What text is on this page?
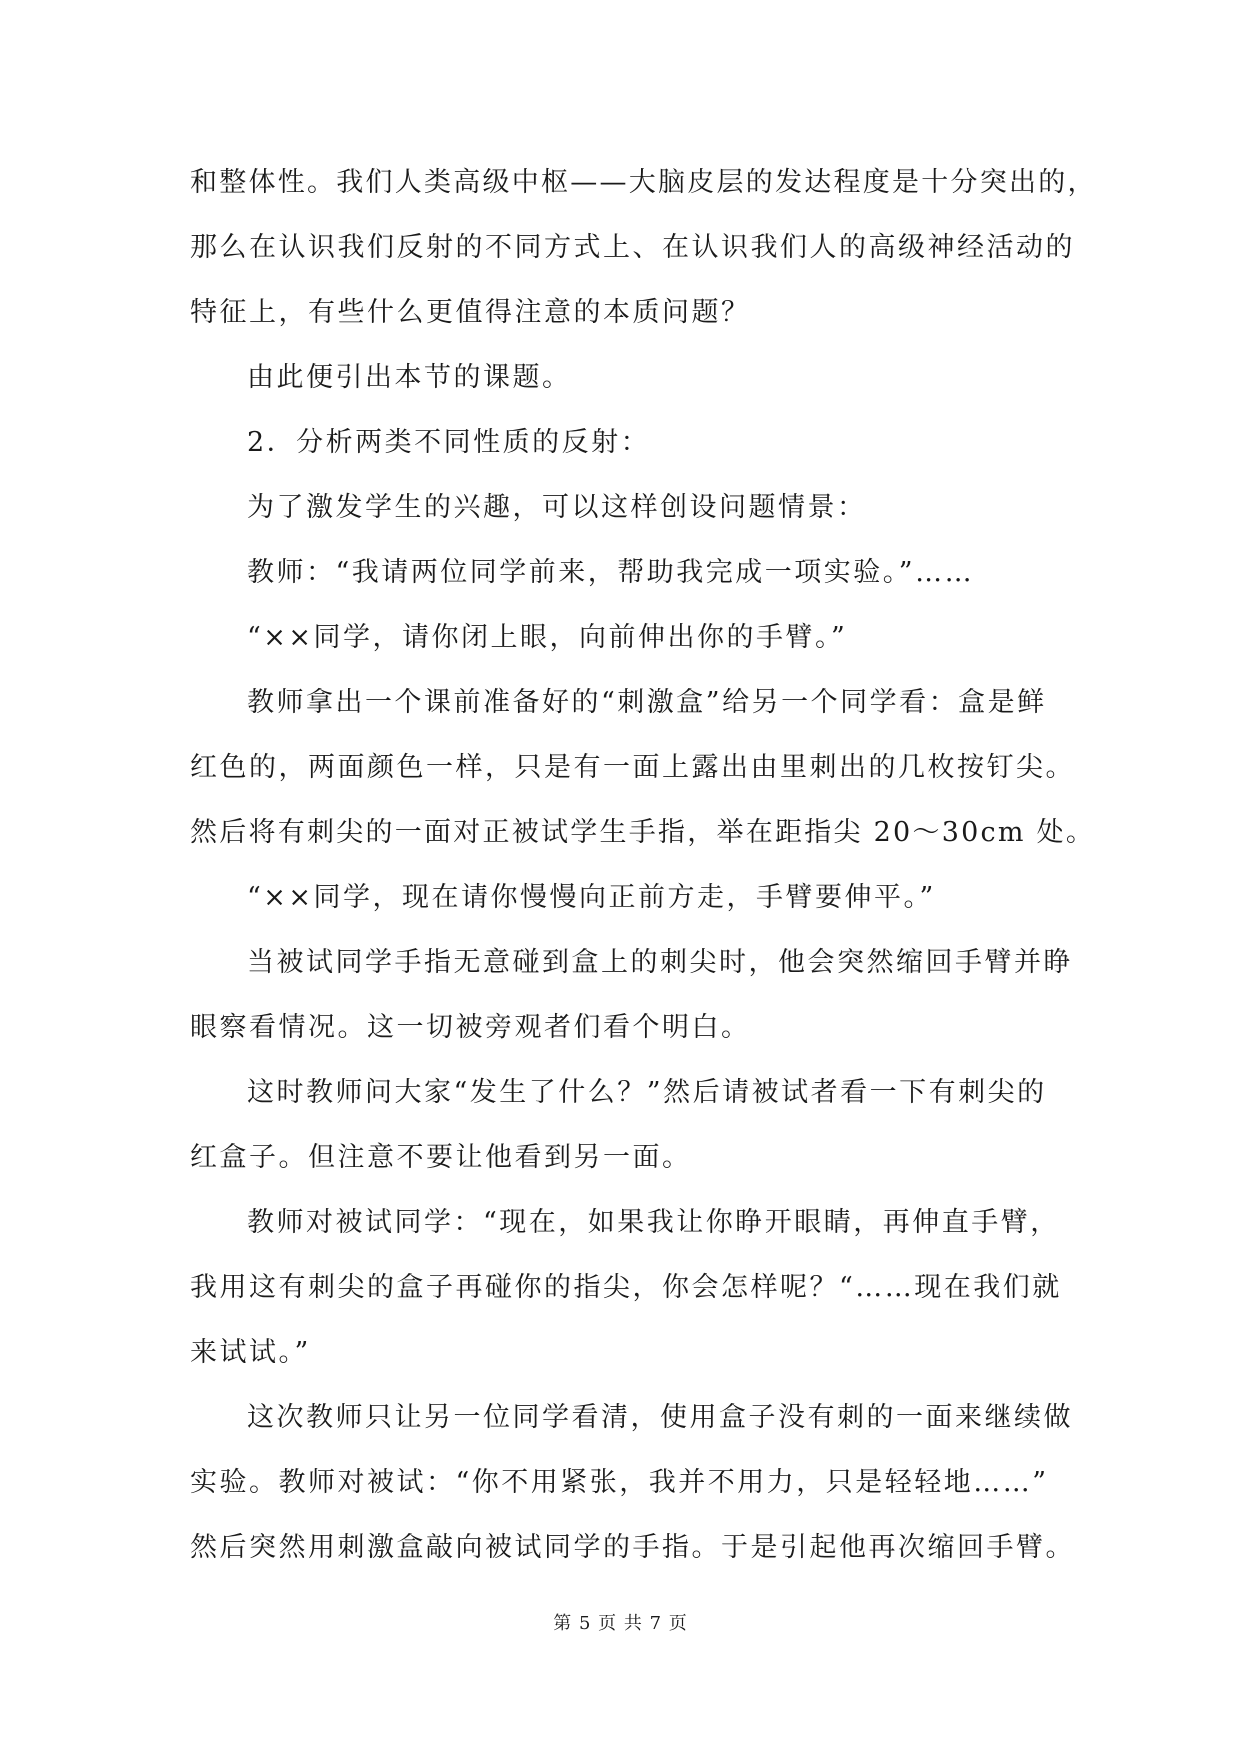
和整体性。我们人类高级中枢——大脑皮层的发达程度是十分突出的，
那么在认识我们反射的不同方式上、在认识我们人的高级神经活动的
特征上，有些什么更值得注意的本质问题？
由此便引出本节的课题。
2．分析两类不同性质的反射：
为了激发学生的兴趣，可以这样创设问题情景：
教师：“我请两位同学前来，帮助我完成一项实验。”……
“××同学，请你闭上眼，向前伸出你的手臂。”
教师拿出一个课前准备好的“刺激盒”给另一个同学看：盒是鲜
红色的，两面颜色一样，只是有一面上露出由里刺出的几枚按钉尖。
然后将有刺尖的一面对正被试学生手指，举在距指尖 20～30cm 处。
“××同学，现在请你慢慢向正前方走，手臂要伸平。”
当被试同学手指无意碰到盒上的刺尖时，他会突然缩回手臂并睁
眼察看情况。这一切被旁观者们看个明白。
这时教师问大家“发生了什么？”然后请被试者看一下有刺尖的
红盒子。但注意不要让他看到另一面。
教师对被试同学：“现在，如果我让你睁开眼睛，再伸直手臂，
我用这有刺尖的盒子再碰你的指尖，你会怎样呢？“……现在我们就
来试试。”
这次教师只让另一位同学看清，使用盒子没有刺的一面来继续做
实验。教师对被试：“你不用紧张，我并不用力，只是轻轻地……”
然后突然用刺激盒敲向被试同学的手指。于是引起他再次缩回手臂。
第 5 页 共 7 页
